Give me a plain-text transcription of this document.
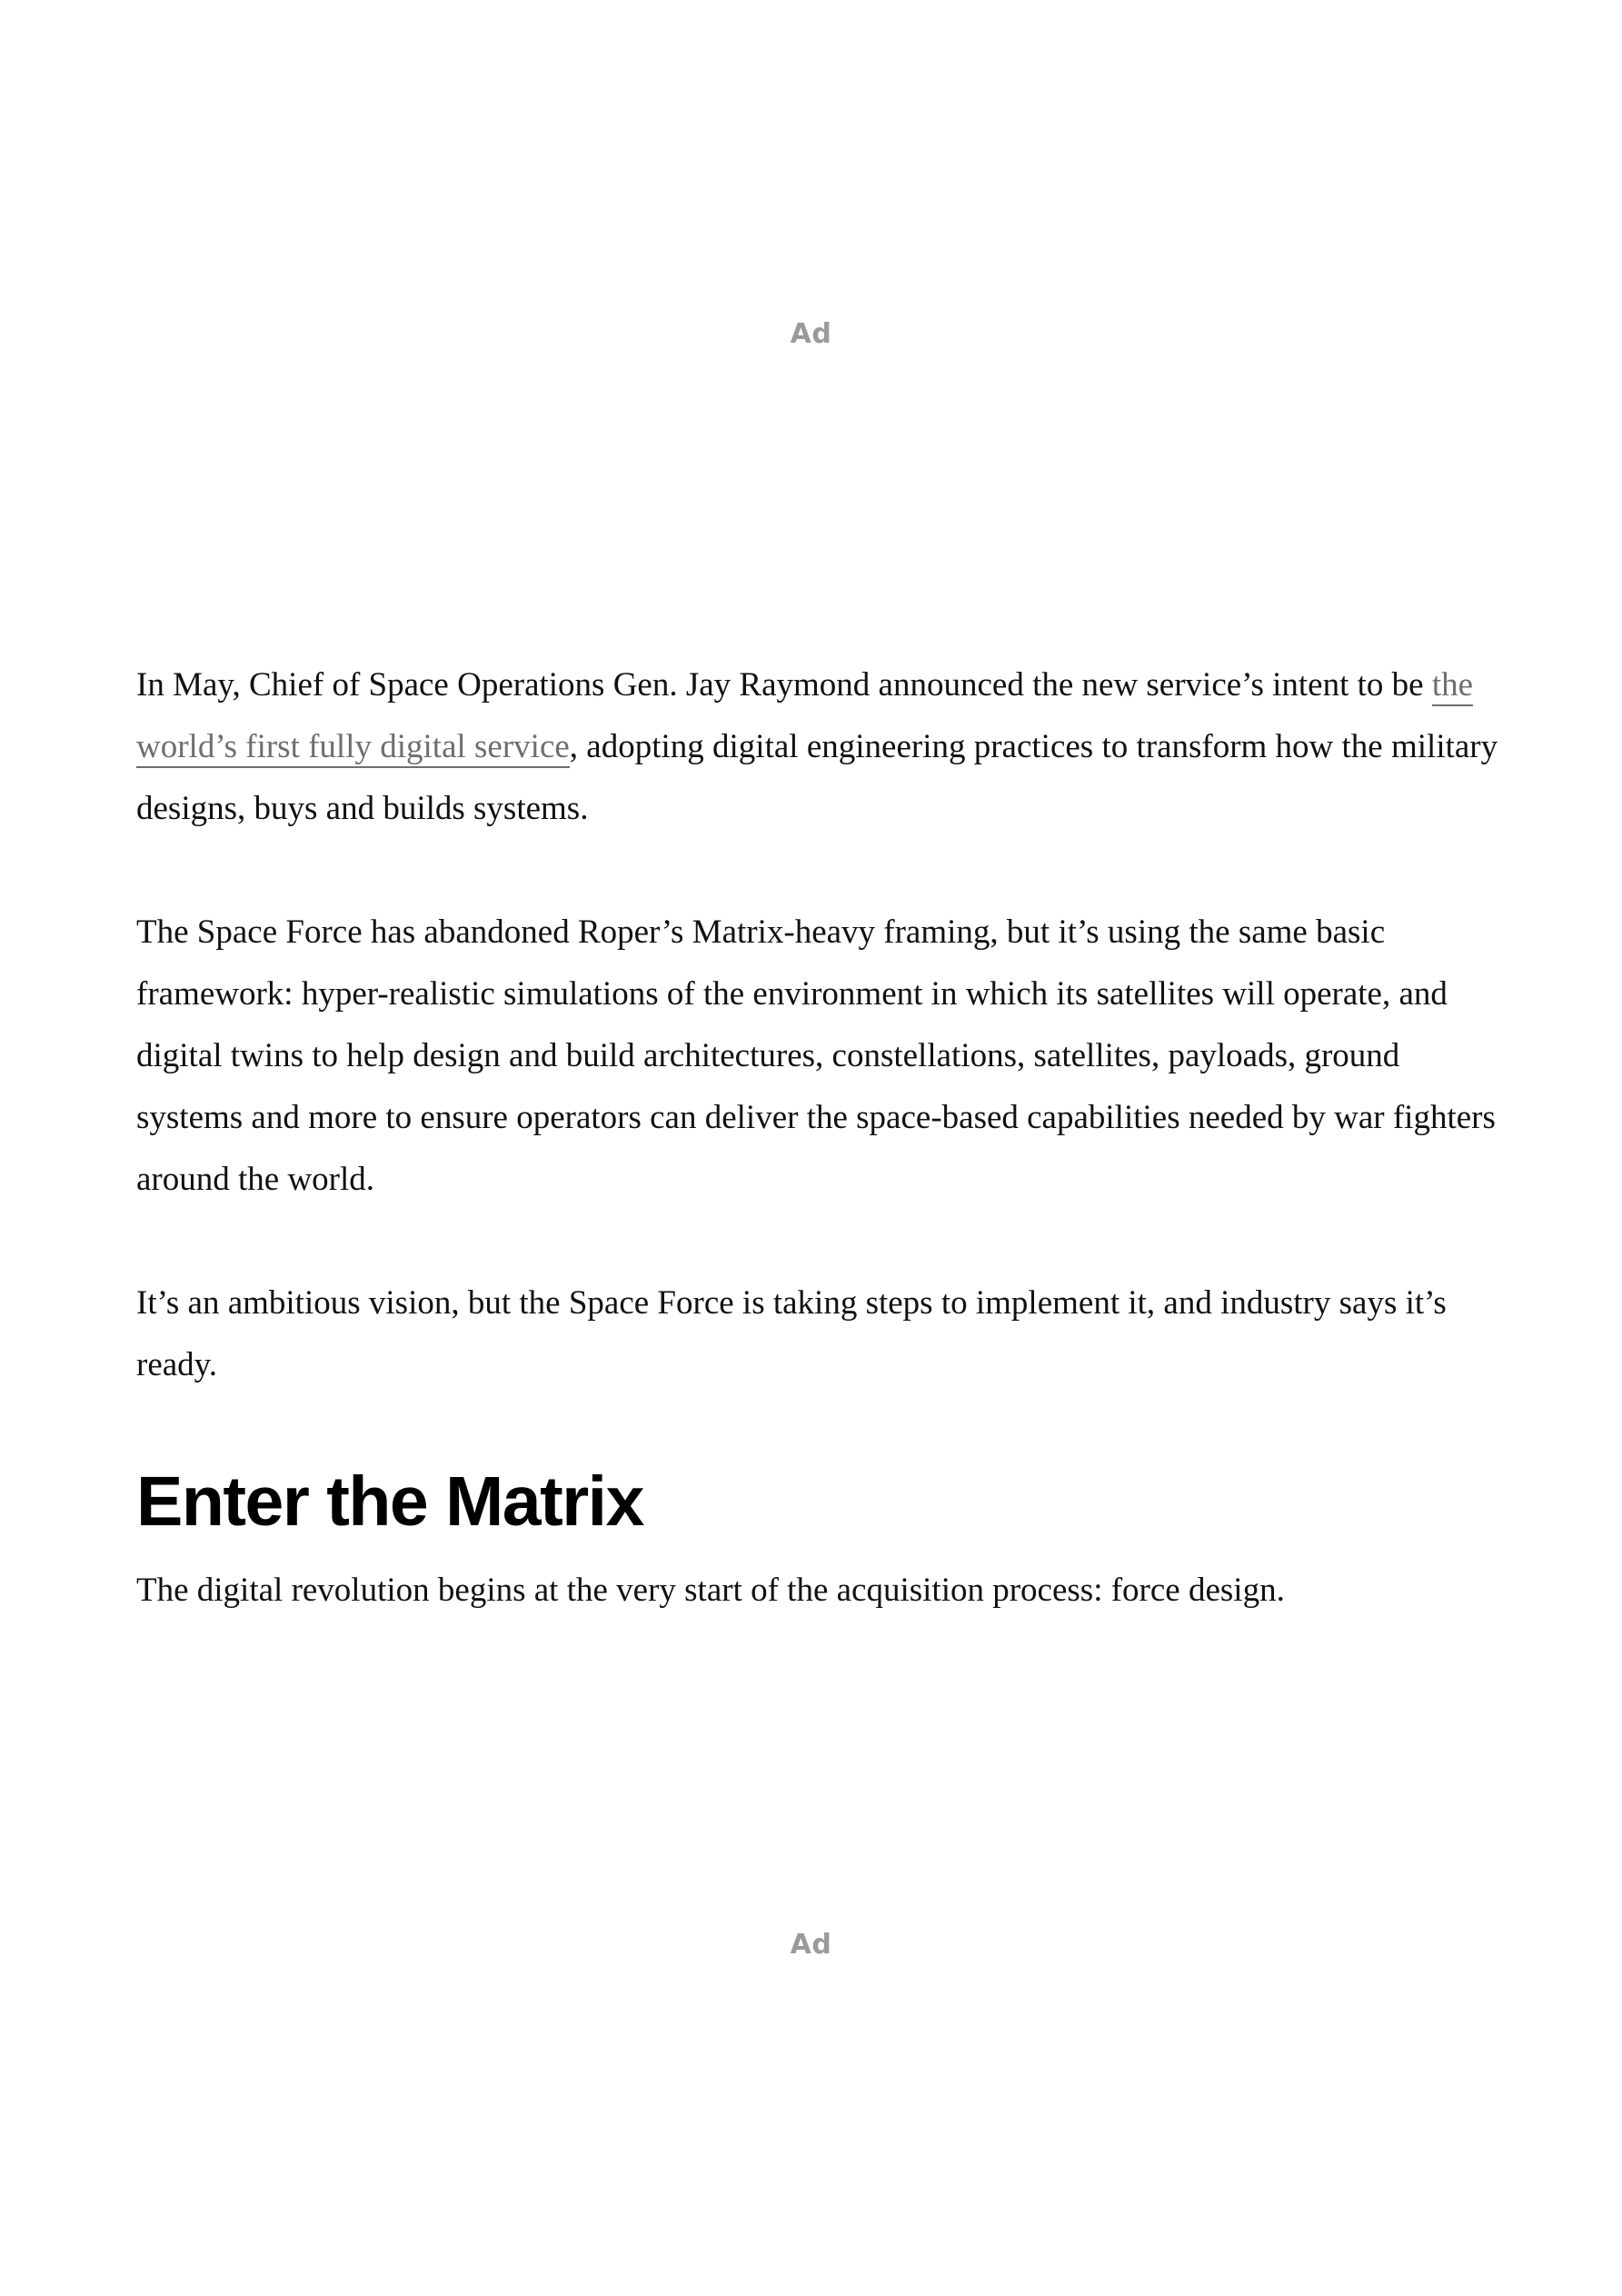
Ad

In May, Chief of Space Operations Gen. Jay Raymond announced the new service’s intent to be the world’s first fully digital service, adopting digital engineering practices to transform how the military designs, buys and builds systems.

The Space Force has abandoned Roper’s Matrix-heavy framing, but it’s using the same basic framework: hyper-realistic simulations of the environment in which its satellites will operate, and digital twins to help design and build architectures, constellations, satellites, payloads, ground systems and more to ensure operators can deliver the space-based capabilities needed by war fighters around the world.

It’s an ambitious vision, but the Space Force is taking steps to implement it, and industry says it’s ready.

Enter the Matrix

The digital revolution begins at the very start of the acquisition process: force design.

Ad
